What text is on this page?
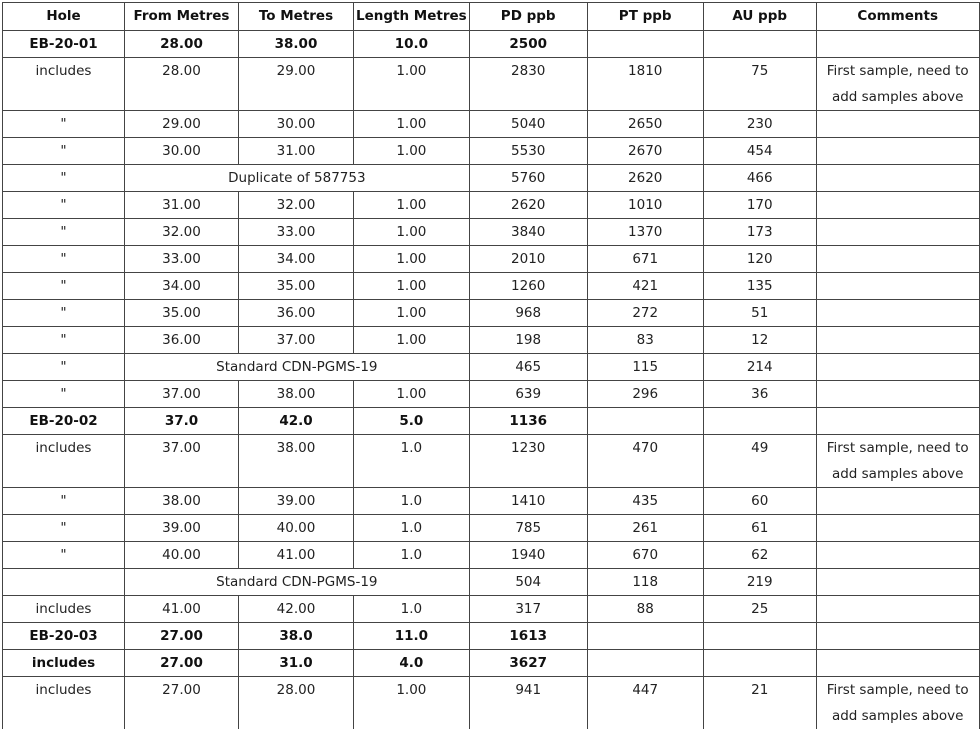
Hole	From Metres	To Metres	Length Metres	PD ppb	PT ppb	AU ppb	Comments
EB-20-01	28.00	38.00	10.0	2500			
includes	28.00	29.00	1.00	2830	1810	75	First sample, need to add samples above
"	29.00	30.00	1.00	5040	2650	230	
"	30.00	31.00	1.00	5530	2670	454	
"	Duplicate of 587753			5760	2620	466	
"	31.00	32.00	1.00	2620	1010	170	
"	32.00	33.00	1.00	3840	1370	173	
"	33.00	34.00	1.00	2010	671	120	
"	34.00	35.00	1.00	1260	421	135	
"	35.00	36.00	1.00	968	272	51	
"	36.00	37.00	1.00	198	83	12	
"	Standard CDN-PGMS-19			465	115	214	
"	37.00	38.00	1.00	639	296	36	
EB-20-02	37.0	42.0	5.0	1136			
includes	37.00	38.00	1.0	1230	470	49	First sample, need to add samples above
"	38.00	39.00	1.0	1410	435	60	
"	39.00	40.00	1.0	785	261	61	
"	40.00	41.00	1.0	1940	670	62	
	Standard CDN-PGMS-19			504	118	219	
includes	41.00	42.00	1.0	317	88	25	
EB-20-03	27.00	38.0	11.0	1613			
includes	27.00	31.0	4.0	3627			
includes	27.00	28.00	1.00	941	447	21	First sample, need to add samples above
